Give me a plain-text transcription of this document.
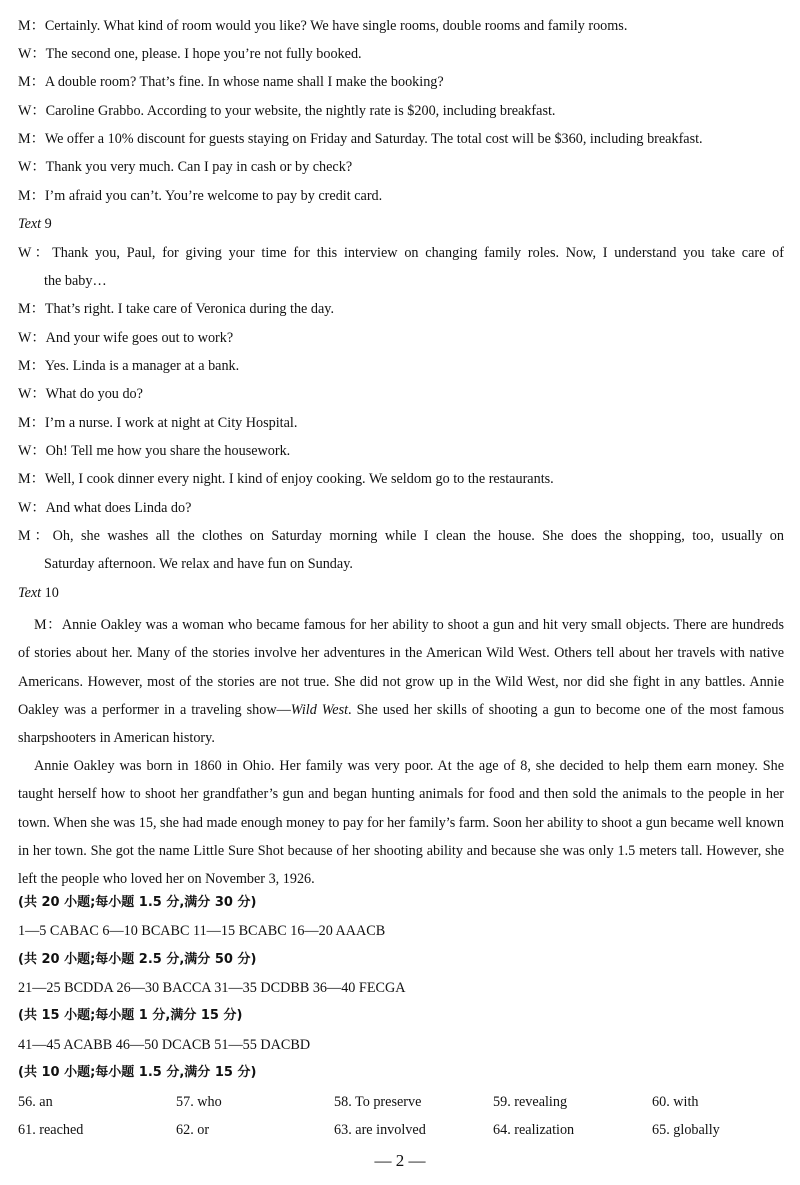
M：Certainly. What kind of room would you like? We have single rooms, double rooms and family rooms.
W：The second one, please. I hope you’re not fully booked.
M：A double room? That’s fine. In whose name shall I make the booking?
W：Caroline Grabbo. According to your website, the nightly rate is $200, including breakfast.
M：We offer a 10% discount for guests staying on Friday and Saturday. The total cost will be $360, including breakfast.
W：Thank you very much. Can I pay in cash or by check?
M：I’m afraid you can’t. You’re welcome to pay by credit card.
Text 9
W：Thank you, Paul, for giving your time for this interview on changing family roles. Now, I understand you take care of
the baby…
M：That’s right. I take care of Veronica during the day.
W：And your wife goes out to work?
M：Yes. Linda is a manager at a bank.
W：What do you do?
M：I’m a nurse. I work at night at City Hospital.
W：Oh! Tell me how you share the housework.
M：Well, I cook dinner every night. I kind of enjoy cooking. We seldom go to the restaurants.
W：And what does Linda do?
M：Oh, she washes all the clothes on Saturday morning while I clean the house. She does the shopping, too, usually on
Saturday afternoon. We relax and have fun on Sunday.
Text 10
M：Annie Oakley was a woman who became famous for her ability to shoot a gun and hit very small objects. There are hundreds of stories about her. Many of the stories involve her adventures in the American Wild West. Others tell about her travels with native Americans. However, most of the stories are not true. She did not grow up in the Wild West, nor did she fight in any battles. Annie Oakley was a performer in a traveling show—Wild West. She used her skills of shooting a gun to become one of the most famous sharpshooters in American history.
Annie Oakley was born in 1860 in Ohio. Her family was very poor. At the age of 8, she decided to help them earn money. She taught herself how to shoot her grandfather’s gun and began hunting animals for food and then sold the animals to the people in her town. When she was 15, she had made enough money to pay for her family’s farm. Soon her ability to shoot a gun became well known in her town. She got the name Little Sure Shot because of her shooting ability and because she was only 1.5 meters tall. However, she left the people who loved her on November 3, 1926.
(共 20 小题;每小题 1.5 分,满分 30 分)
1—5 CABAC 6—10 BCABC 11—15 BCABC 16—20 AAACB
(共 20 小题;每小题 2.5 分,满分 50 分)
21—25 BCDDA 26—30 BACCA 31—35 DCDBB 36—40 FECGA
(共 15 小题;每小题 1 分,满分 15 分)
41—45 ACABB 46—50 DCACB 51—55 DACBD
(共 10 小题;每小题 1.5 分,满分 15 分)
56. an	57. who	58. To preserve	59. revealing	60. with
61. reached	62. or	63. are involved	64. realization	65. globally
— 2 —
